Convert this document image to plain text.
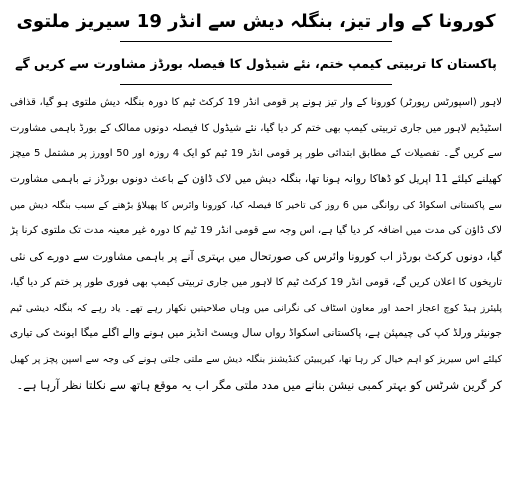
کورونا کے وار تیز، بنگلہ دیش سے انڈر 19 سیریز ملتوی
پاکستان کا تربیتی کیمپ ختم، نئے شیڈول کا فیصلہ بورڈز مشاورت سے کریں گے
لاہور (اسپورٹس رپورٹر) کورونا کے وار تیز ہونے پر قومی انڈر 19 کرکٹ ٹیم کا دورہ بنگلہ دیش ملتوی ہو گیا، قذافی
اسٹیڈیم لاہور میں جاری تربیتی کیمپ بھی ختم کر دیا گیا، نئے شیڈول کا فیصلہ دونوں ممالک کے بورڈ باہمی مشاورت
سے کریں گے۔ تفصیلات کے مطابق ابتدائی طور پر قومی انڈر 19 ٹیم کو ایک 4 روزہ اور 50 اوورز پر مشتمل 5 میچز
کھیلنے کیلئے 11 اپریل کو ڈھاکا روانہ ہونا تھا، بنگلہ دیش میں لاک ڈاؤن کے باعث دونوں بورڈز نے باہمی مشاورت
سے پاکستانی اسکواڈ کی روانگی میں 6 روز کی تاخیر کا فیصلہ کیا، کورونا وائرس کا پھیلاؤ بڑھنے کے سبب بنگلہ دیش میں
لاک ڈاؤن کی مدت میں اضافہ کر دیا گیا ہے، اس وجہ سے قومی انڈر 19 ٹیم کا دورہ غیر معینہ مدت تک ملتوی کرنا پڑ
گیا، دونوں کرکٹ بورڈز اب کورونا وائرس کی صورتحال میں بہتری آنے پر باہمی مشاورت سے دورے کی نئی
تاریخوں کا اعلان کریں گے، قومی انڈر 19 کرکٹ ٹیم کا لاہور میں جاری تربیتی کیمپ بھی فوری طور پر ختم کر دیا گیا،
پلیئرز ہیڈ کوچ اعجاز احمد اور معاون اسٹاف کی نگرانی میں وہاں صلاحیتیں نکھار رہے تھے۔ یاد رہے کہ بنگلہ دیشی ٹیم
جونیئر ورلڈ کپ کی چیمپئن ہے، پاکستانی اسکواڈ رواں سال ویسٹ انڈیز میں ہونے والے اگلے میگا ایونٹ کی تیاری
کیلئے اس سیریز کو اہم خیال کر رہا تھا، کیریبیئن کنڈیشنز بنگلہ دیش سے ملتی جلتی ہونے کی وجہ سے اسپن پچز پر کھیل
کر گرین شرٹس کو بہتر کمبی نیشن بنانے میں مدد ملتی مگر اب یہ موقع ہاتھ سے نکلتا نظر آرہا ہے۔
